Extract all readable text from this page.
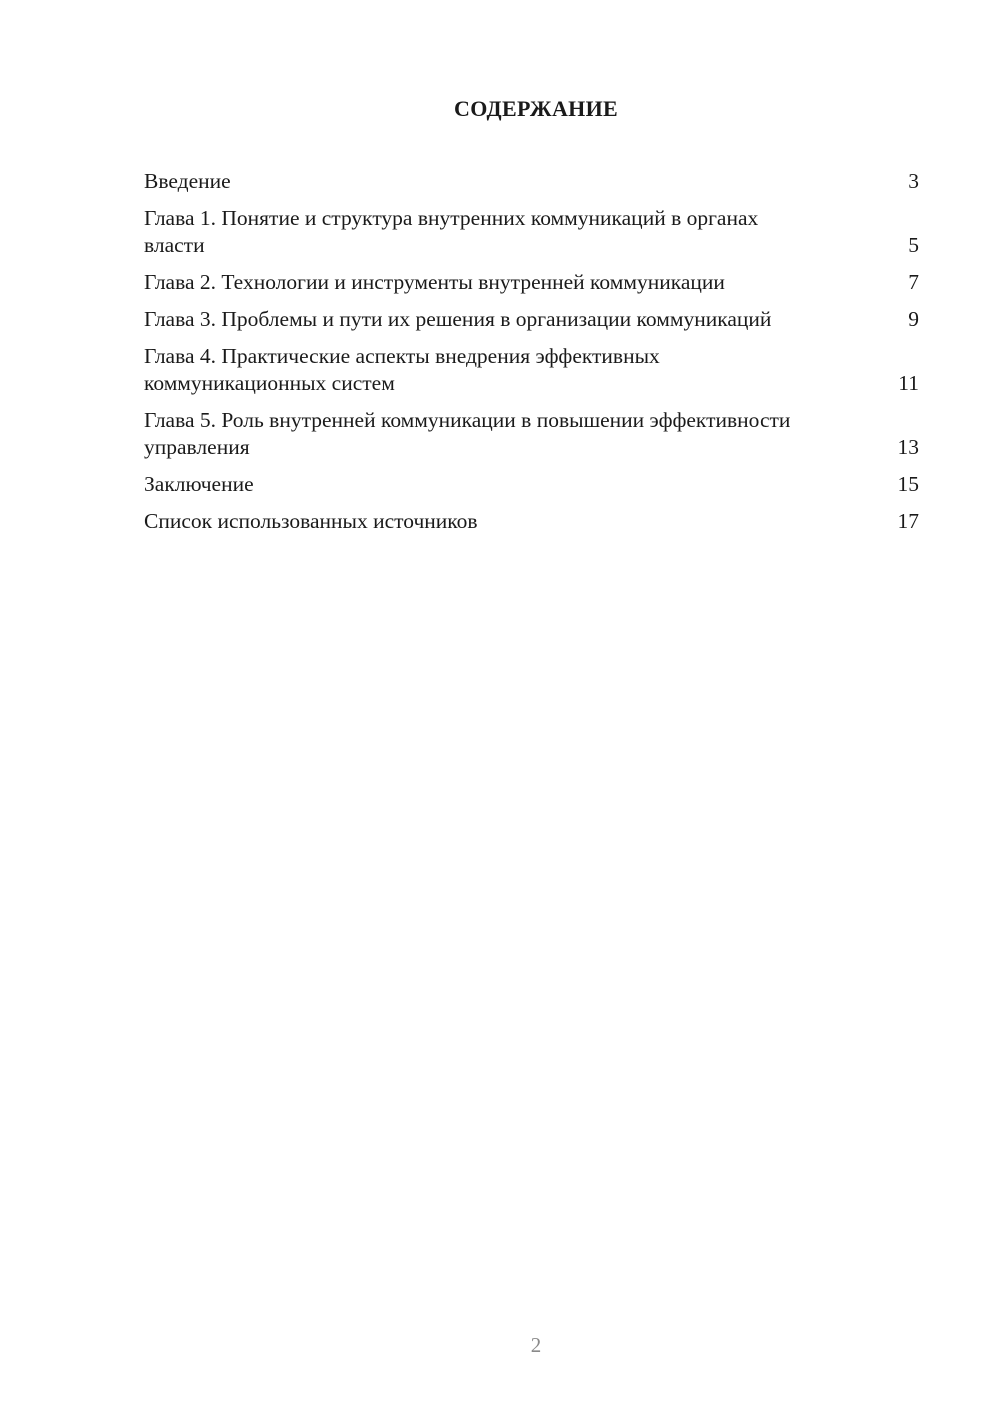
СОДЕРЖАНИЕ
Введение	3
Глава 1. Понятие и структура внутренних коммуникаций в органах власти	5
Глава 2. Технологии и инструменты внутренней коммуникации	7
Глава 3. Проблемы и пути их решения в организации коммуникаций	9
Глава 4. Практические аспекты внедрения эффективных коммуникационных систем	11
Глава 5. Роль внутренней коммуникации в повышении эффективности управления	13
Заключение	15
Список использованных источников	17
2
